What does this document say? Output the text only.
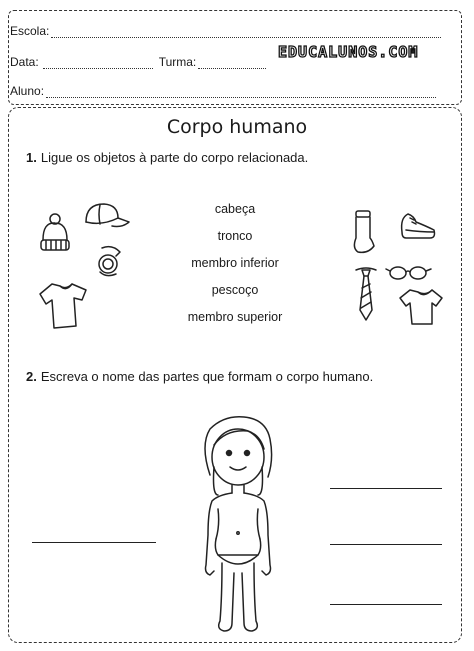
Escola:
Data:	Turma:
EDUCALUNOS.COM
Aluno:
Corpo humano
1. Ligue os objetos à parte do corpo relacionada.
cabeça
tronco
membro inferior
pescoço
membro superior
2. Escreva o nome das partes que formam o corpo humano.
